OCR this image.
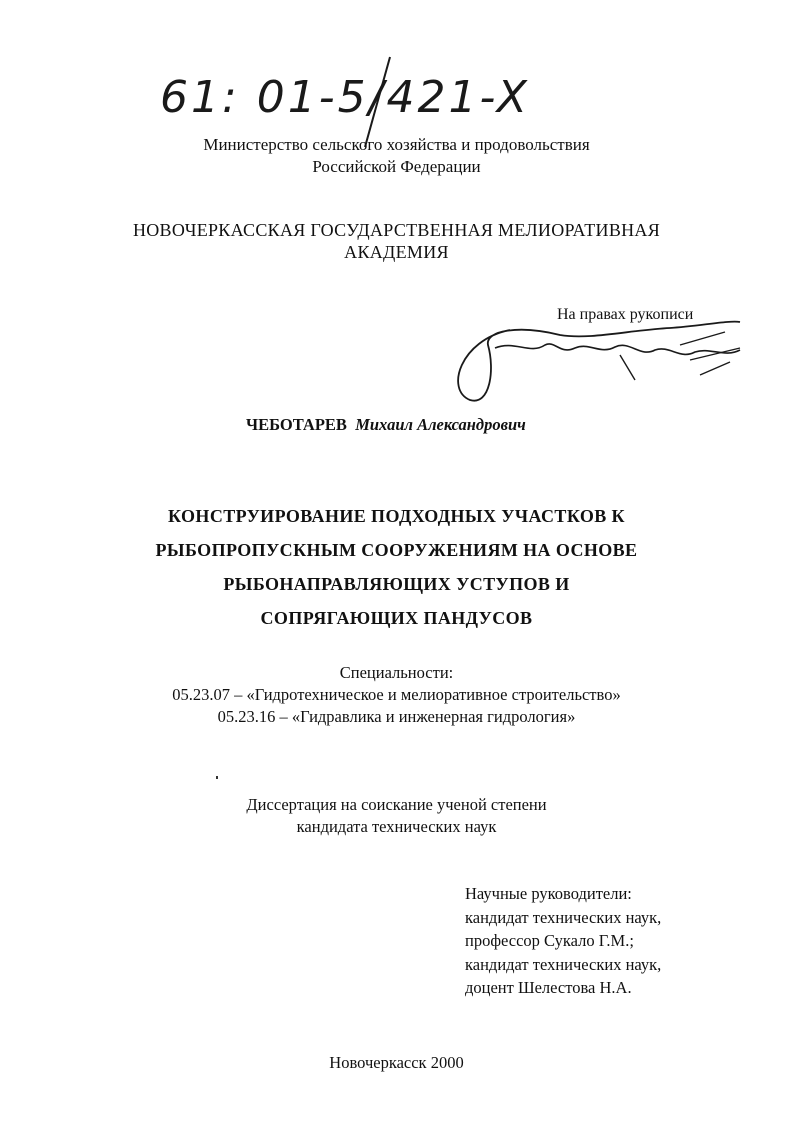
61: 01-5/421-X
Министерство сельского хозяйства и продовольствия
Российской Федерации
НОВОЧЕРКАССКАЯ ГОСУДАРСТВЕННАЯ МЕЛИОРАТИВНАЯ
АКАДЕМИЯ
На правах рукописи
ЧЕБОТАРЕВ Михаил Александрович
КОНСТРУИРОВАНИЕ ПОДХОДНЫХ УЧАСТКОВ К
РЫБОПРОПУСКНЫМ СООРУЖЕНИЯМ НА ОСНОВЕ
РЫБОНАПРАВЛЯЮЩИХ УСТУПОВ И
СОПРЯГАЮЩИХ ПАНДУСОВ
Специальности:
05.23.07 – «Гидротехническое и мелиоративное строительство»
05.23.16 – «Гидравлика и инженерная гидрология»
Диссертация на соискание ученой степени
кандидата технических наук
Научные руководители:
кандидат технических наук,
профессор Сукало Г.М.;
кандидат технических наук,
доцент Шелестова Н.А.
Новочеркасск 2000
